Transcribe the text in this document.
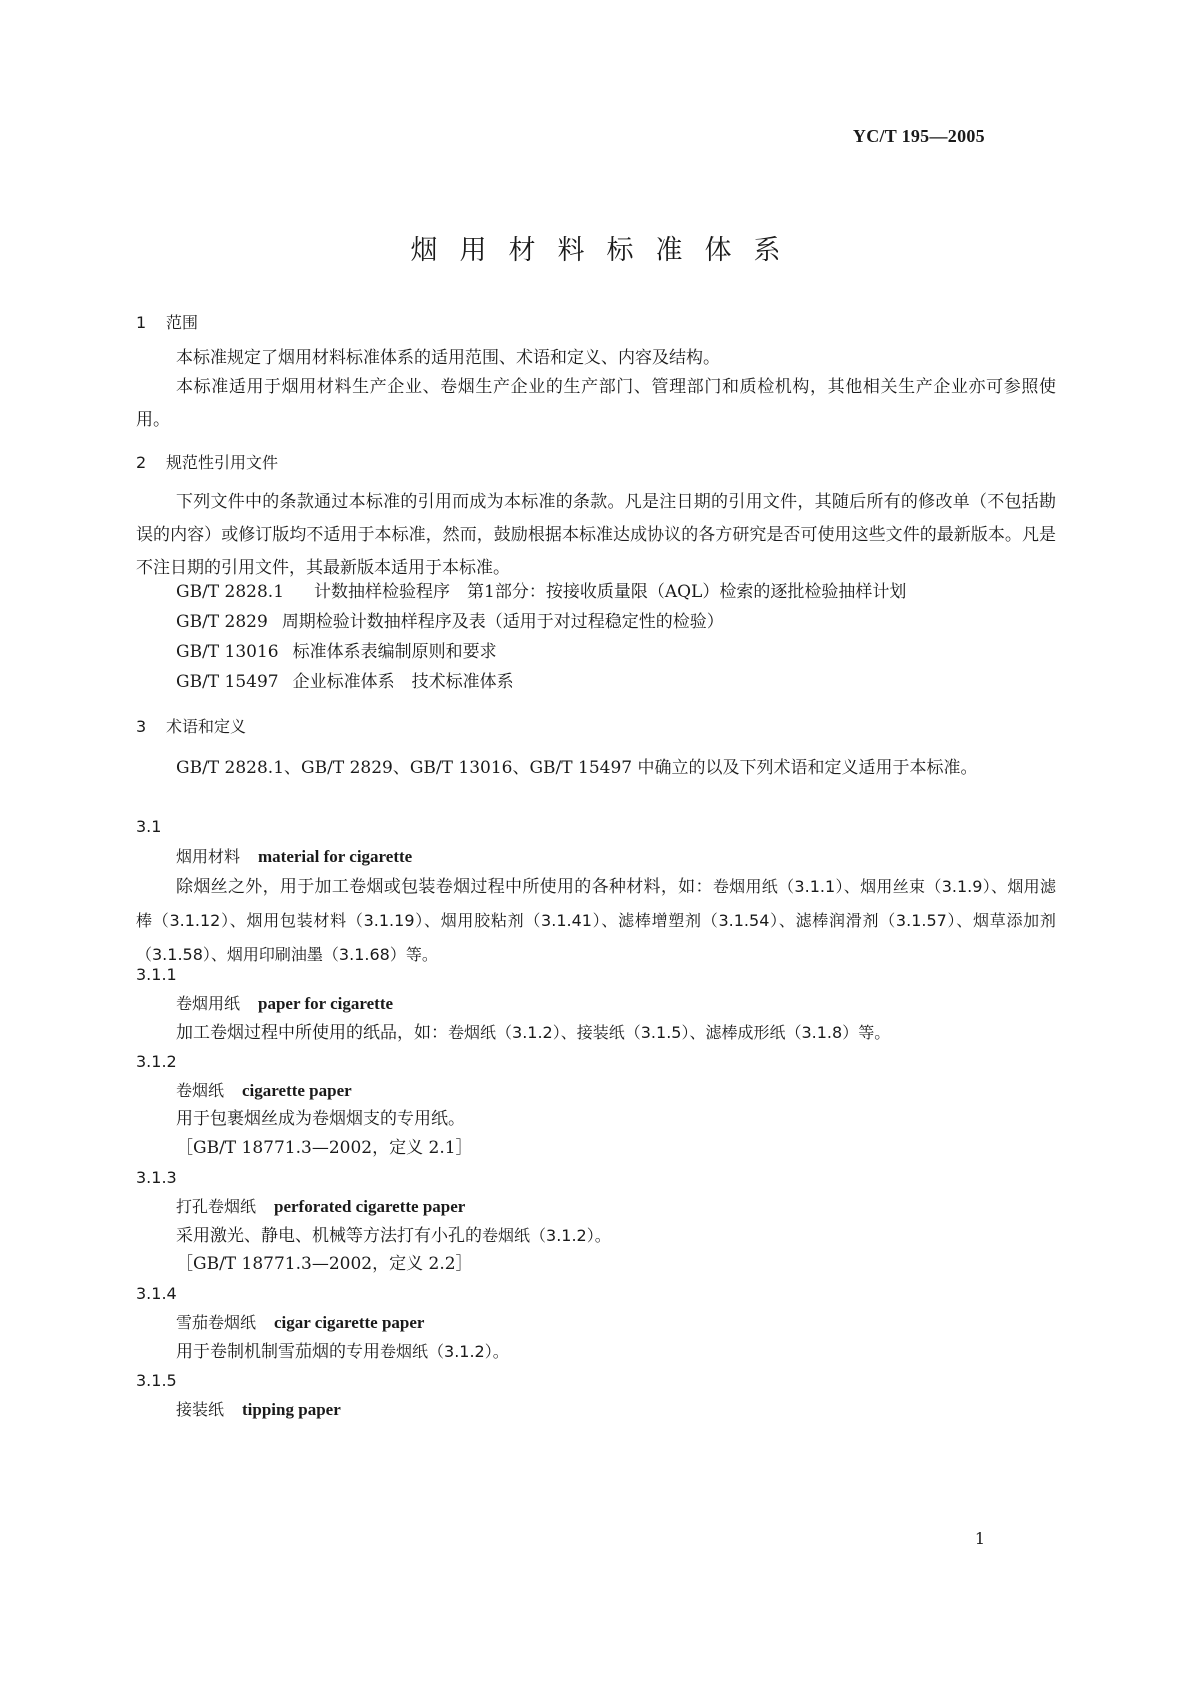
YC/T 195—2005
烟用材料标准体系
1 范围
本标准规定了烟用材料标准体系的适用范围、术语和定义、内容及结构。
本标准适用于烟用材料生产企业、卷烟生产企业的生产部门、管理部门和质检机构，其他相关生产企业亦可参照使用。
2 规范性引用文件
下列文件中的条款通过本标准的引用而成为本标准的条款。凡是注日期的引用文件，其随后所有的修改单（不包括勘误的内容）或修订版均不适用于本标准，然而，鼓励根据本标准达成协议的各方研究是否可使用这些文件的最新版本。凡是不注日期的引用文件，其最新版本适用于本标准。
GB/T 2828.1 计数抽样检验程序　第1部分：按接收质量限（AQL）检索的逐批检验抽样计划
GB/T 2829 周期检验计数抽样程序及表（适用于对过程稳定性的检验）
GB/T 13016 标准体系表编制原则和要求
GB/T 15497 企业标准体系　技术标准体系
3 术语和定义
GB/T 2828.1、GB/T 2829、GB/T 13016、GB/T 15497 中确立的以及下列术语和定义适用于本标准。
3.1
烟用材料 material for cigarette
除烟丝之外，用于加工卷烟或包装卷烟过程中所使用的各种材料，如：卷烟用纸（3.1.1）、烟用丝束（3.1.9）、烟用滤棒（3.1.12）、烟用包装材料（3.1.19）、烟用胶粘剂（3.1.41）、滤棒增塑剂（3.1.54）、滤棒润滑剂（3.1.57）、烟草添加剂（3.1.58）、烟用印刷油墨（3.1.68）等。
3.1.1
卷烟用纸 paper for cigarette
加工卷烟过程中所使用的纸品，如：卷烟纸（3.1.2）、接装纸（3.1.5）、滤棒成形纸（3.1.8）等。
3.1.2
卷烟纸 cigarette paper
用于包裹烟丝成为卷烟烟支的专用纸。
［GB/T 18771.3—2002，定义 2.1］
3.1.3
打孔卷烟纸 perforated cigarette paper
采用激光、静电、机械等方法打有小孔的卷烟纸（3.1.2）。
［GB/T 18771.3—2002，定义 2.2］
3.1.4
雪茄卷烟纸 cigar cigarette paper
用于卷制机制雪茄烟的专用卷烟纸（3.1.2）。
3.1.5
接装纸 tipping paper
1
